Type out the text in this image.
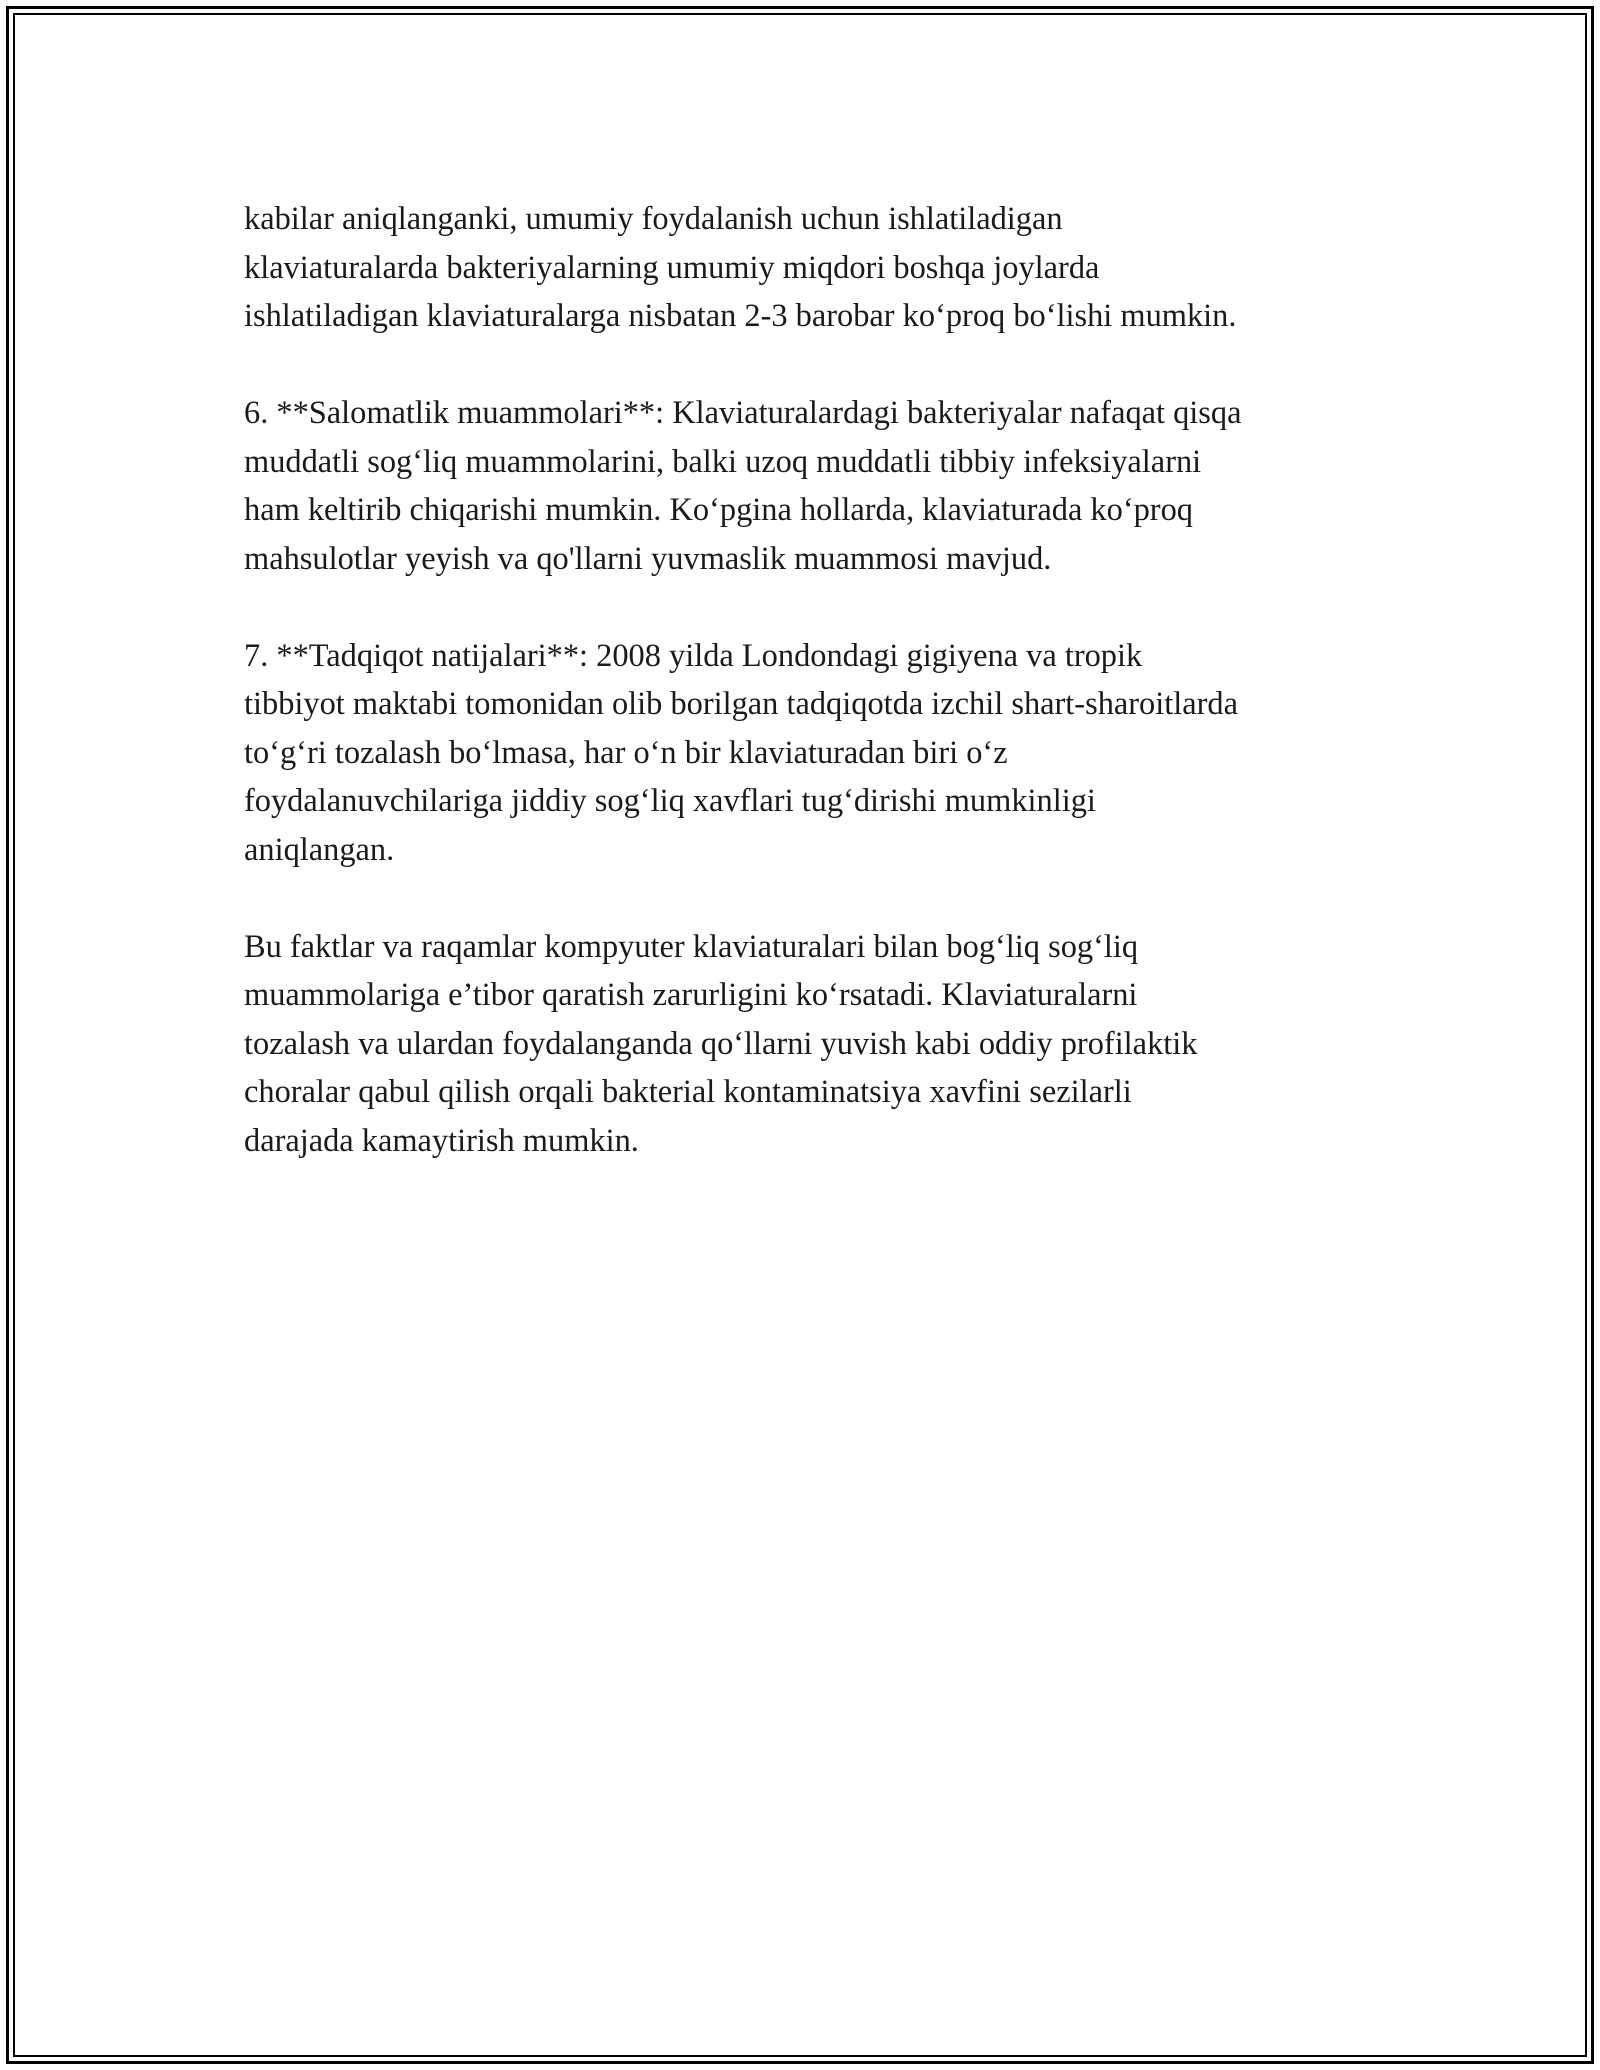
kabilar aniqlanganki, umumiy foydalanish uchun ishlatiladigan
klaviaturalarda bakteriyalarning umumiy miqdori boshqa joylarda
ishlatiladigan klaviaturalarga nisbatan 2-3 barobar ko‘proq bo‘lishi mumkin.

6. **Salomatlik muammolari**: Klaviaturalardagi bakteriyalar nafaqat qisqa
muddatli sog‘liq muammolarini, balki uzoq muddatli tibbiy infeksiyalarni
ham keltirib chiqarishi mumkin. Ko‘pgina hollarda, klaviaturada ko‘proq
mahsulotlar yeyish va qo'llarni yuvmaslik muammosi mavjud.

7. **Tadqiqot natijalari**: 2008 yilda Londondagi gigiyena va tropik
tibbiyot maktabi tomonidan olib borilgan tadqiqotda izchil shart-sharoitlarda
to‘g‘ri tozalash bo‘lmasa, har o‘n bir klaviaturadan biri o‘z
foydalanuvchilariga jiddiy sog‘liq xavflari tug‘dirishi mumkinligi
aniqlangan.

Bu faktlar va raqamlar kompyuter klaviaturalari bilan bog‘liq sog‘liq
muammolariga e’tibor qaratish zarurligini ko‘rsatadi. Klaviaturalarni
tozalash va ulardan foydalanganda qo‘llarni yuvish kabi oddiy profilaktik
choralar qabul qilish orqali bakterial kontaminatsiya xavfini sezilarli
darajada kamaytirish mumkin.
